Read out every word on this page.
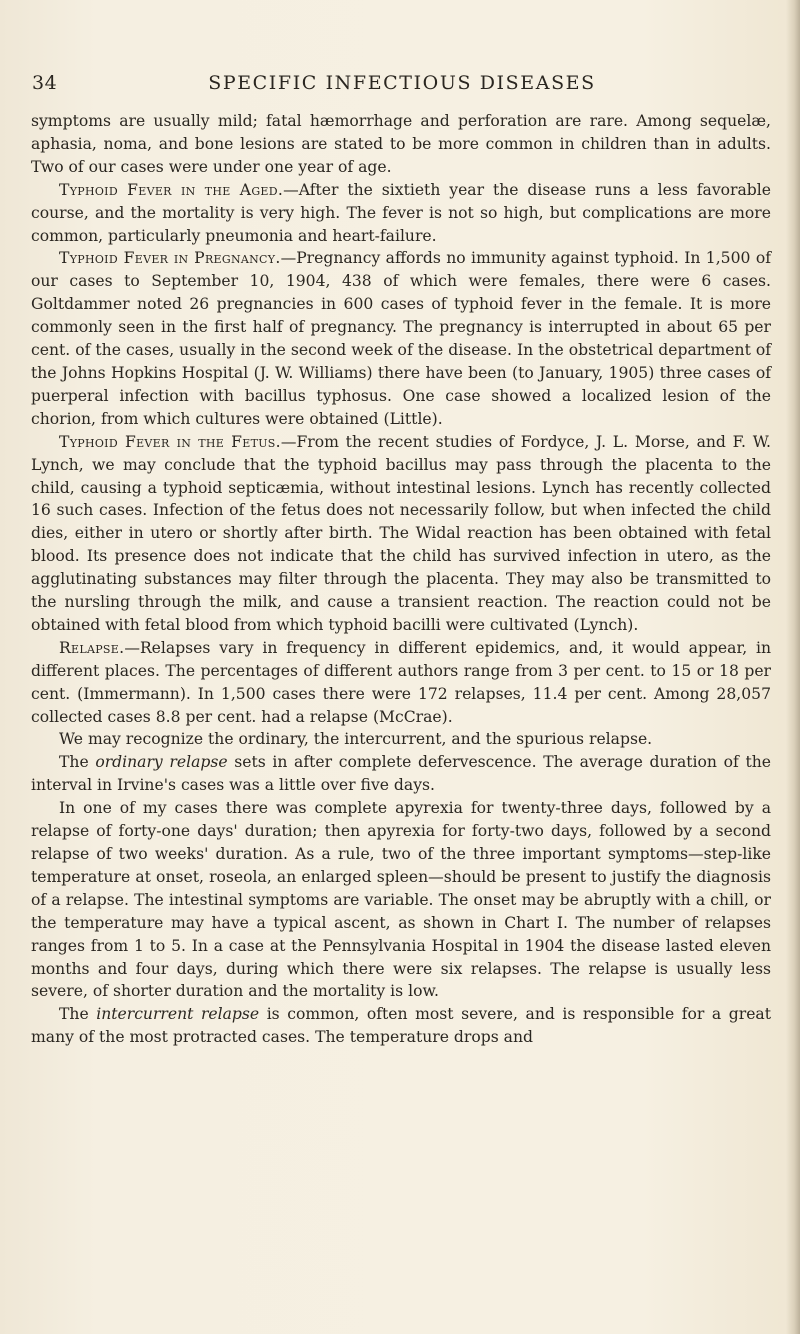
34	SPECIFIC INFECTIOUS DISEASES

symptoms are usually mild; fatal hæmorrhage and perforation are rare. Among sequelæ, aphasia, noma, and bone lesions are stated to be more common in children than in adults. Two of our cases were under one year of age.

Typhoid Fever in the Aged.—After the sixtieth year the disease runs a less favorable course, and the mortality is very high. The fever is not so high, but complications are more common, particularly pneumonia and heart-failure.

Typhoid Fever in Pregnancy.—Pregnancy affords no immunity against typhoid. In 1,500 of our cases to September 10, 1904, 438 of which were females, there were 6 cases. Goltdammer noted 26 pregnancies in 600 cases of typhoid fever in the female. It is more commonly seen in the first half of pregnancy. The pregnancy is interrupted in about 65 per cent. of the cases, usually in the second week of the disease. In the obstetrical department of the Johns Hopkins Hospital (J. W. Williams) there have been (to January, 1905) three cases of puerperal infection with bacillus typhosus. One case showed a localized lesion of the chorion, from which cultures were obtained (Little).

Typhoid Fever in the Fetus.—From the recent studies of Fordyce, J. L. Morse, and F. W. Lynch, we may conclude that the typhoid bacillus may pass through the placenta to the child, causing a typhoid septicæmia, without intestinal lesions. Lynch has recently collected 16 such cases. Infection of the fetus does not necessarily follow, but when infected the child dies, either in utero or shortly after birth. The Widal reaction has been obtained with fetal blood. Its presence does not indicate that the child has survived infection in utero, as the agglutinating substances may filter through the placenta. They may also be transmitted to the nursling through the milk, and cause a transient reaction. The reaction could not be obtained with fetal blood from which typhoid bacilli were cultivated (Lynch).

Relapse.—Relapses vary in frequency in different epidemics, and, it would appear, in different places. The percentages of different authors range from 3 per cent. to 15 or 18 per cent. (Immermann). In 1,500 cases there were 172 relapses, 11.4 per cent. Among 28,057 collected cases 8.8 per cent. had a relapse (McCrae).

We may recognize the ordinary, the intercurrent, and the spurious relapse.

The ordinary relapse sets in after complete defervescence. The average duration of the interval in Irvine's cases was a little over five days.

In one of my cases there was complete apyrexia for twenty-three days, followed by a relapse of forty-one days' duration; then apyrexia for forty-two days, followed by a second relapse of two weeks' duration. As a rule, two of the three important symptoms—step-like temperature at onset, roseola, an enlarged spleen—should be present to justify the diagnosis of a relapse. The intestinal symptoms are variable. The onset may be abruptly with a chill, or the temperature may have a typical ascent, as shown in Chart I. The number of relapses ranges from 1 to 5. In a case at the Pennsylvania Hospital in 1904 the disease lasted eleven months and four days, during which there were six relapses. The relapse is usually less severe, of shorter duration and the mortality is low.

The intercurrent relapse is common, often most severe, and is responsible for a great many of the most protracted cases. The temperature drops and
